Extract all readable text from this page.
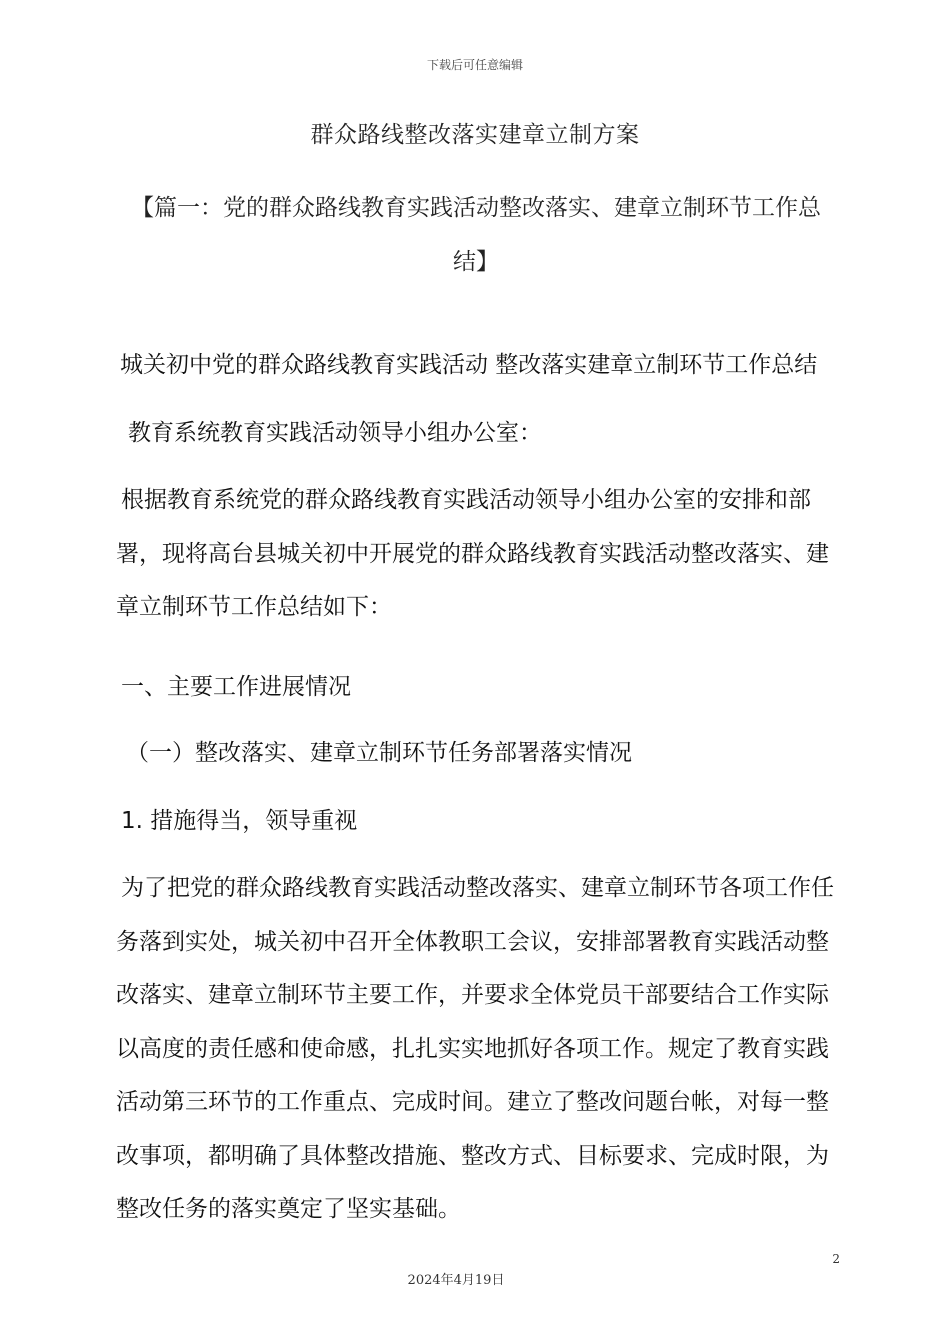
下载后可任意编辑
群众路线整改落实建章立制方案
【篇一：党的群众路线教育实践活动整改落实、建章立制环节工作总结】

城关初中党的群众路线教育实践活动 整改落实建章立制环节工作总结

教育系统教育实践活动领导小组办公室：

根据教育系统党的群众路线教育实践活动领导小组办公室的安排和部署，现将高台县城关初中开展党的群众路线教育实践活动整改落实、建章立制环节工作总结如下：

一、主要工作进展情况

（一）整改落实、建章立制环节任务部署落实情况

1. 措施得当，领导重视

为了把党的群众路线教育实践活动整改落实、建章立制环节各项工作任务落到实处，城关初中召开全体教职工会议，安排部署教育实践活动整改落实、建章立制环节主要工作，并要求全体党员干部要结合工作实际以高度的责任感和使命感，扎扎实实地抓好各项工作。规定了教育实践活动第三环节的工作重点、完成时间。建立了整改问题台帐，对每一整改事项，都明确了具体整改措施、整改方式、目标要求、完成时限，为整改任务的落实奠定了坚实基础。

2
2024年4月19日
